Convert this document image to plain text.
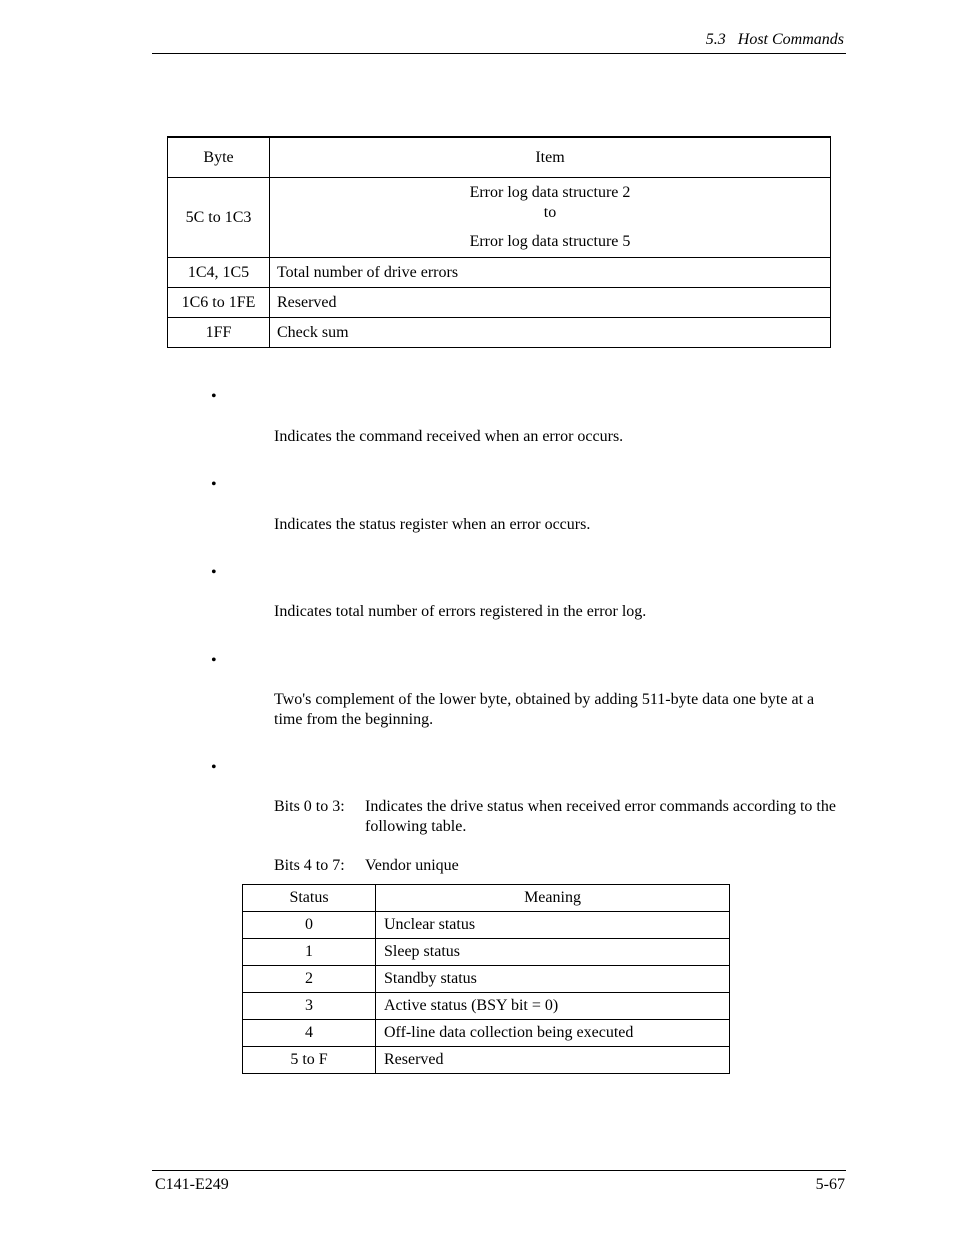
5.3 Host Commands
Byte	Item
5C to 1C3	Error log data structure 2
to
Error log data structure 5

1C4, 1C5	Total number of drive errors
1C6 to 1FE	Reserved
1FF	Check sum
•
Indicates the command received when an error occurs.
•
Indicates the status register when an error occurs.
•
Indicates total number of errors registered in the error log.
•
Two's complement of the lower byte, obtained by adding 511-byte data one byte at a time from the beginning.
•
Bits 0 to 3: Indicates the drive status when received error commands according to the following table.
Bits 4 to 7: Vendor unique
Status	Meaning
0	Unclear status
1	Sleep status
2	Standby status
3	Active status (BSY bit = 0)
4	Off-line data collection being executed
5 to F	Reserved
C141-E249	5-67
